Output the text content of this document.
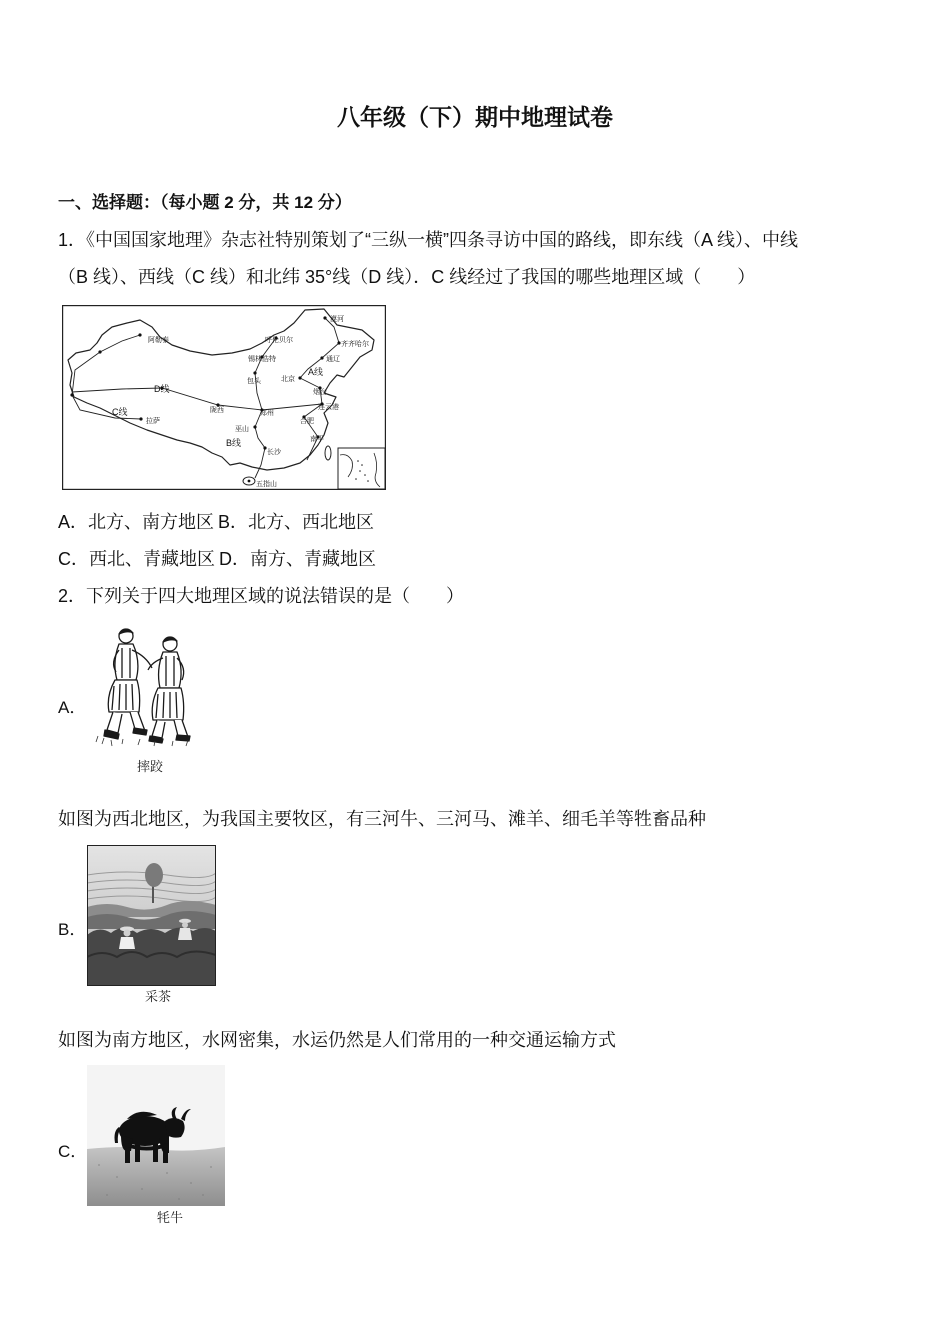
八年级（下）期中地理试卷
一、选择题：（每小题 2 分，共 12 分）
1．《中国国家地理》杂志社特别策划了“三纵一横”四条寻访中国的路线，即东线（A 线）、中线
（B 线）、西线（C 线）和北纬 35°线（D 线）．C 线经过了我国的哪些地理区域（　　）
漠河
呼伦贝尔
齐齐哈尔
锡林浩特	通辽
包头	北京
阿勒泰
烟台
连云港
陇西	郑州
拉萨
巫山
合肥
长沙
南平
五指山
D线
C线
A线
B线
A．北方、南方地区 B．北方、西北地区
C．西北、青藏地区 D．南方、青藏地区
2．下列关于四大地理区域的说法错误的是（　　）
A．
摔跤
如图为西北地区，为我国主要牧区，有三河牛、三河马、滩羊、细毛羊等牲畜品种
B．
采茶
如图为南方地区，水网密集，水运仍然是人们常用的一种交通运输方式
C．
牦牛
